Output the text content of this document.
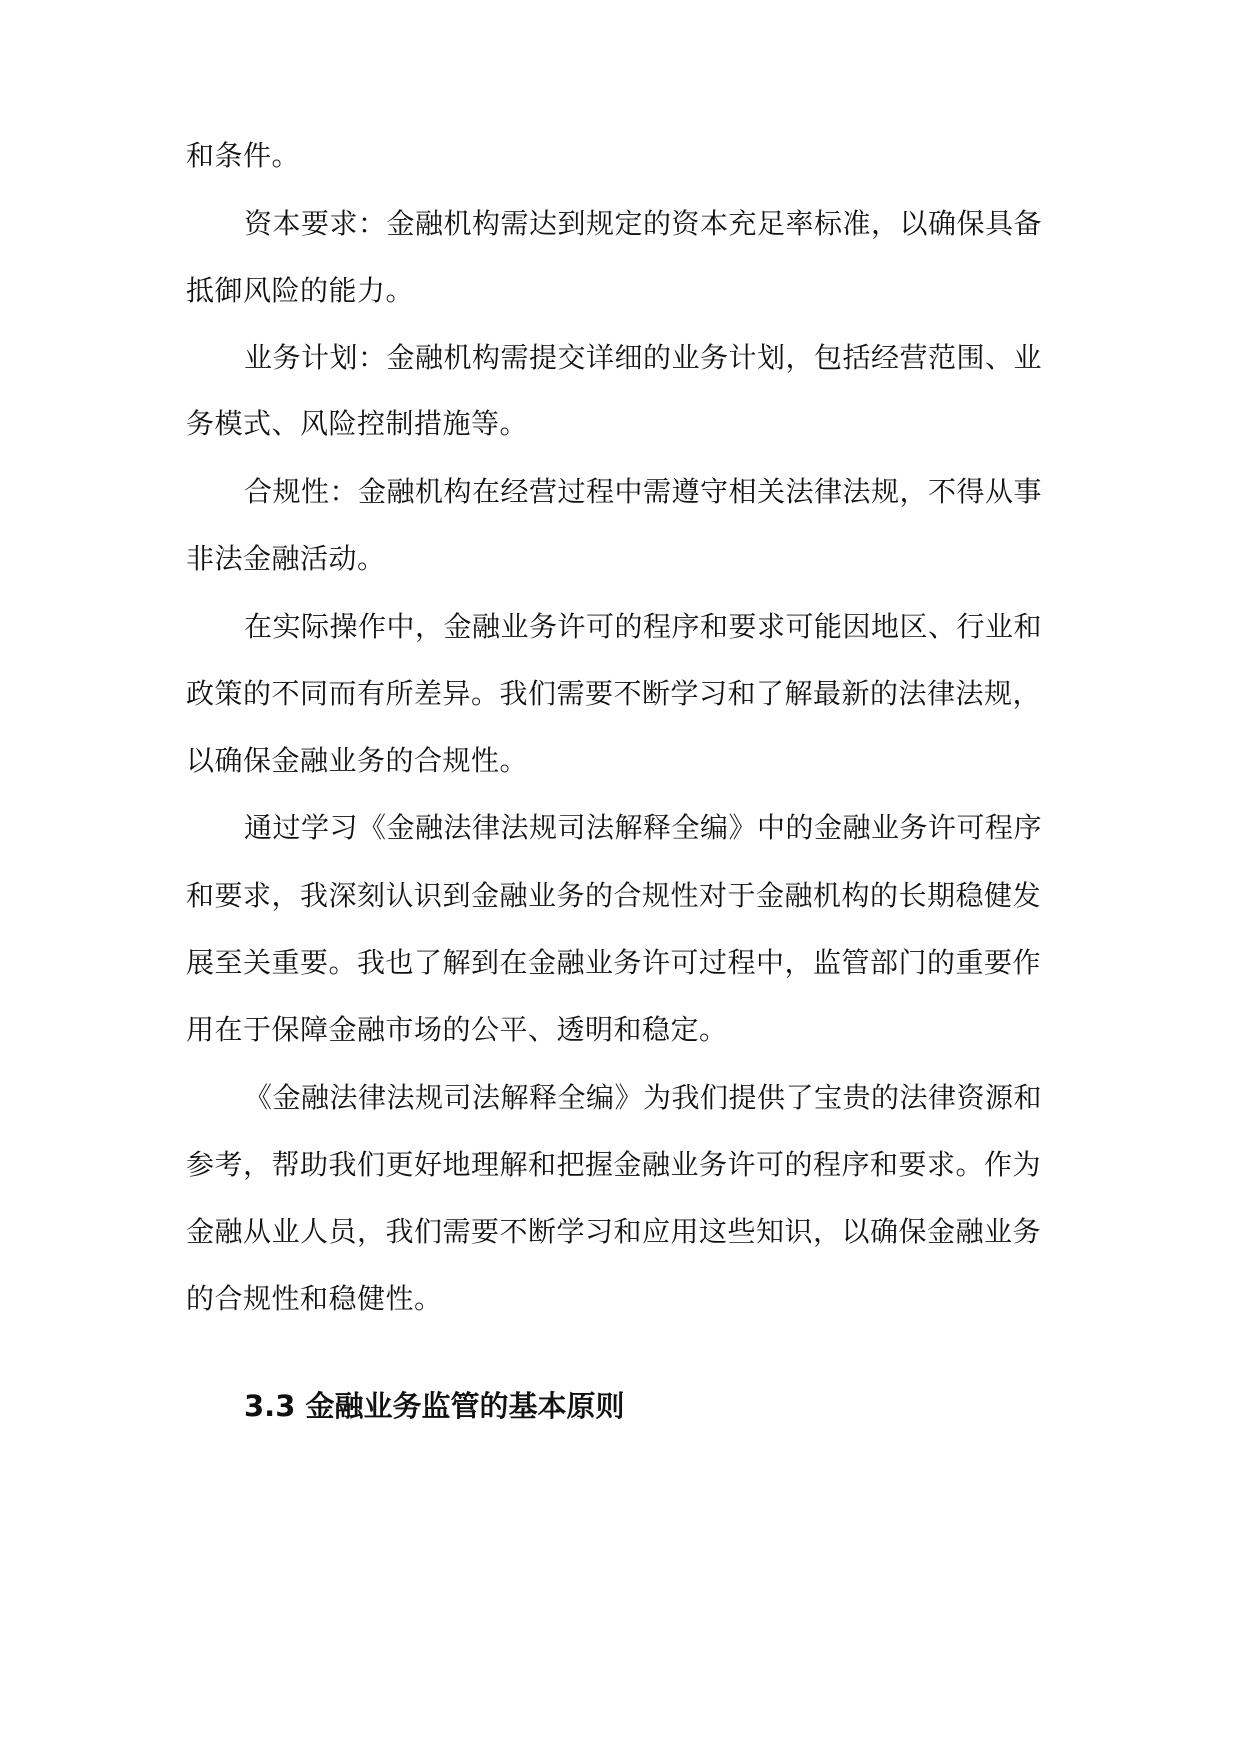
和条件。
资本要求：金融机构需达到规定的资本充足率标准，以确保具备
抵御风险的能力。
业务计划：金融机构需提交详细的业务计划，包括经营范围、业
务模式、风险控制措施等。
合规性：金融机构在经营过程中需遵守相关法律法规，不得从事
非法金融活动。
在实际操作中，金融业务许可的程序和要求可能因地区、行业和
政策的不同而有所差异。我们需要不断学习和了解最新的法律法规，
以确保金融业务的合规性。
通过学习《金融法律法规司法解释全编》中的金融业务许可程序
和要求，我深刻认识到金融业务的合规性对于金融机构的长期稳健发
展至关重要。我也了解到在金融业务许可过程中，监管部门的重要作
用在于保障金融市场的公平、透明和稳定。
《金融法律法规司法解释全编》为我们提供了宝贵的法律资源和
参考，帮助我们更好地理解和把握金融业务许可的程序和要求。作为
金融从业人员，我们需要不断学习和应用这些知识，以确保金融业务
的合规性和稳健性。
3.3 金融业务监管的基本原则
